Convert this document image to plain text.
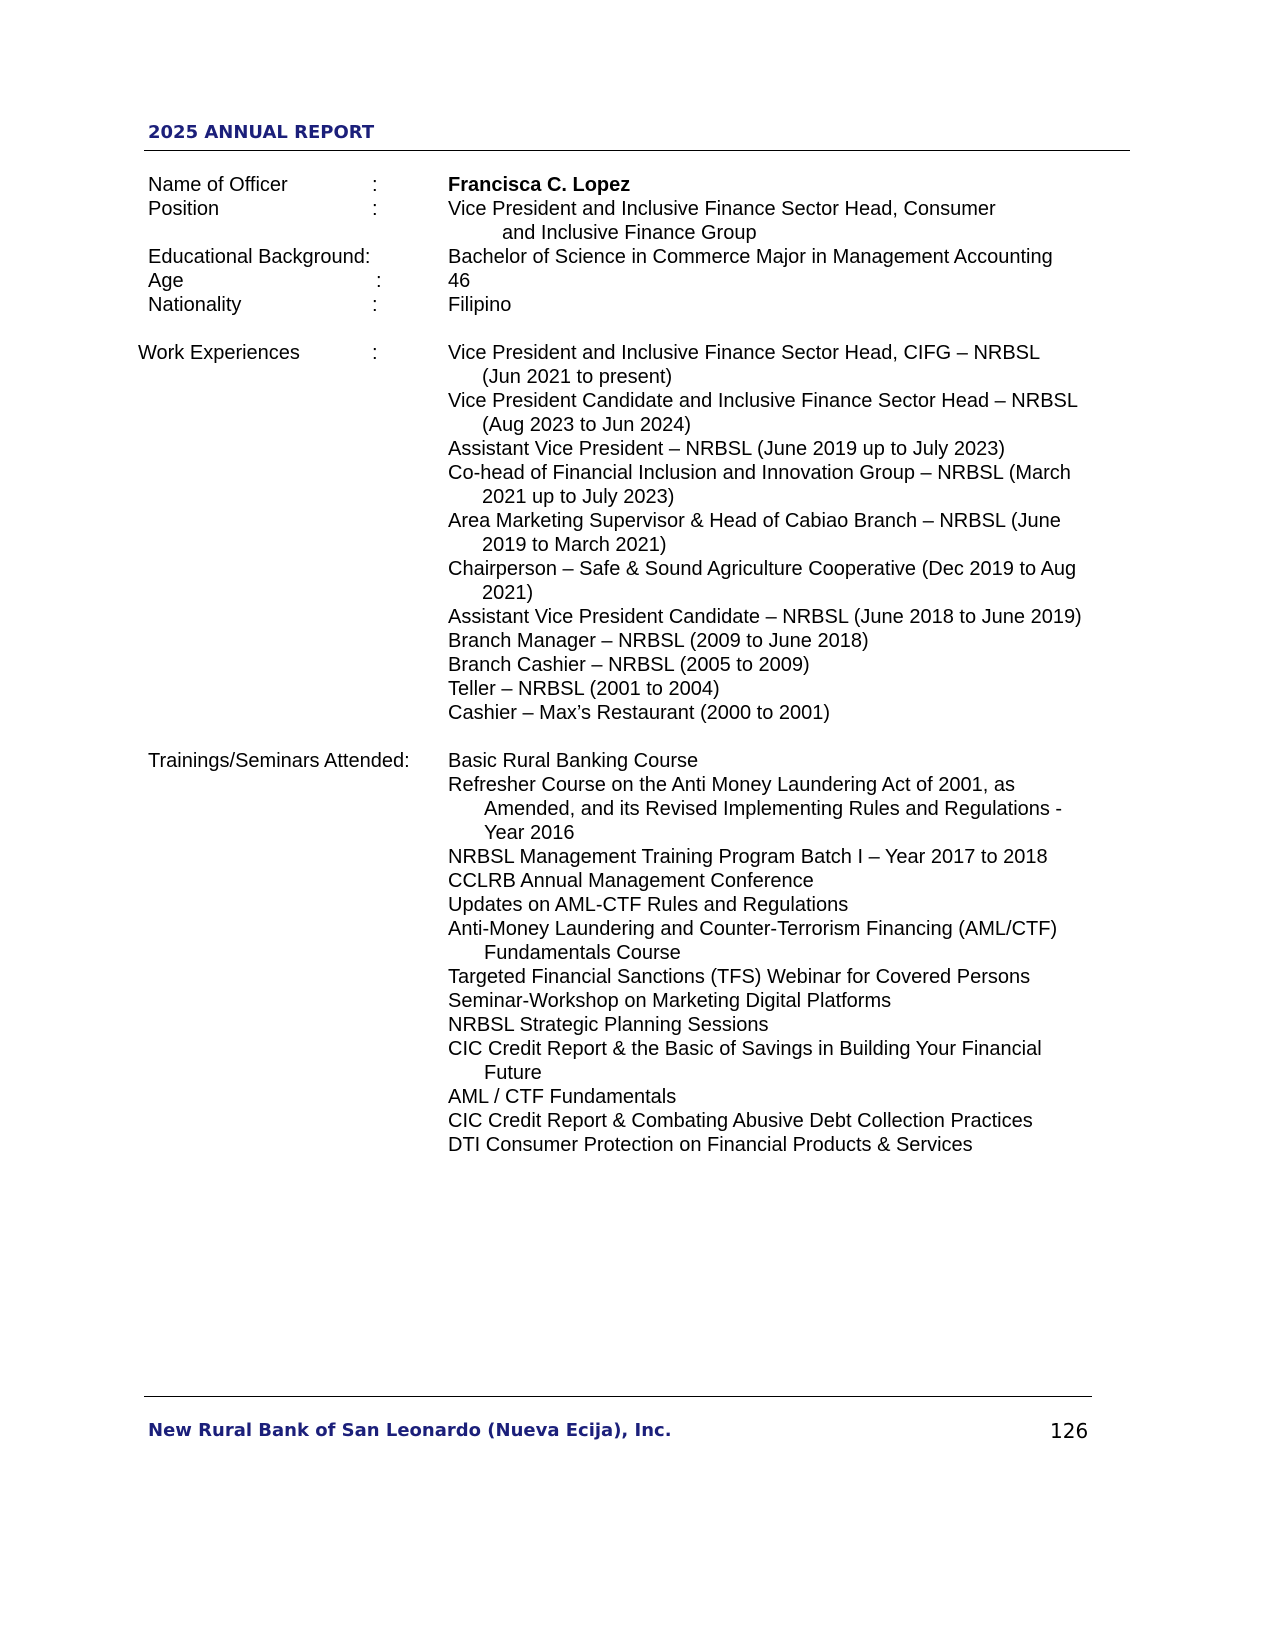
2025 ANNUAL REPORT
Name of Officer	:	Francisca C. Lopez
Position	:	Vice President and Inclusive Finance Sector Head, Consumer
and Inclusive Finance Group
Educational Background:	Bachelor of Science in Commerce Major in Management Accounting
Age	:	46
Nationality	:	Filipino
Work Experiences	:	Vice President and Inclusive Finance Sector Head, CIFG – NRBSL
(Jun 2021 to present)
Vice President Candidate and Inclusive Finance Sector Head – NRBSL
(Aug 2023 to Jun 2024)
Assistant Vice President – NRBSL (June 2019 up to July 2023)
Co-head of Financial Inclusion and Innovation Group – NRBSL (March
2021 up to July 2023)
Area Marketing Supervisor & Head of Cabiao Branch – NRBSL (June
2019 to March 2021)
Chairperson – Safe & Sound Agriculture Cooperative (Dec 2019 to Aug
2021)
Assistant Vice President Candidate – NRBSL (June 2018 to June 2019)
Branch Manager – NRBSL (2009 to June 2018)
Branch Cashier – NRBSL (2005 to 2009)
Teller – NRBSL (2001 to 2004)
Cashier – Max’s Restaurant (2000 to 2001)
Trainings/Seminars Attended: Basic Rural Banking Course
Refresher Course on the Anti Money Laundering Act of 2001, as
Amended, and its Revised Implementing Rules and Regulations -
Year 2016
NRBSL Management Training Program Batch I – Year 2017 to 2018
CCLRB Annual Management Conference
Updates on AML-CTF Rules and Regulations
Anti-Money Laundering and Counter-Terrorism Financing (AML/CTF)
Fundamentals Course
Targeted Financial Sanctions (TFS) Webinar for Covered Persons
Seminar-Workshop on Marketing Digital Platforms
NRBSL Strategic Planning Sessions
CIC Credit Report & the Basic of Savings in Building Your Financial
Future
AML / CTF Fundamentals
CIC Credit Report & Combating Abusive Debt Collection Practices
DTI Consumer Protection on Financial Products & Services
New Rural Bank of San Leonardo (Nueva Ecija), Inc.	126
